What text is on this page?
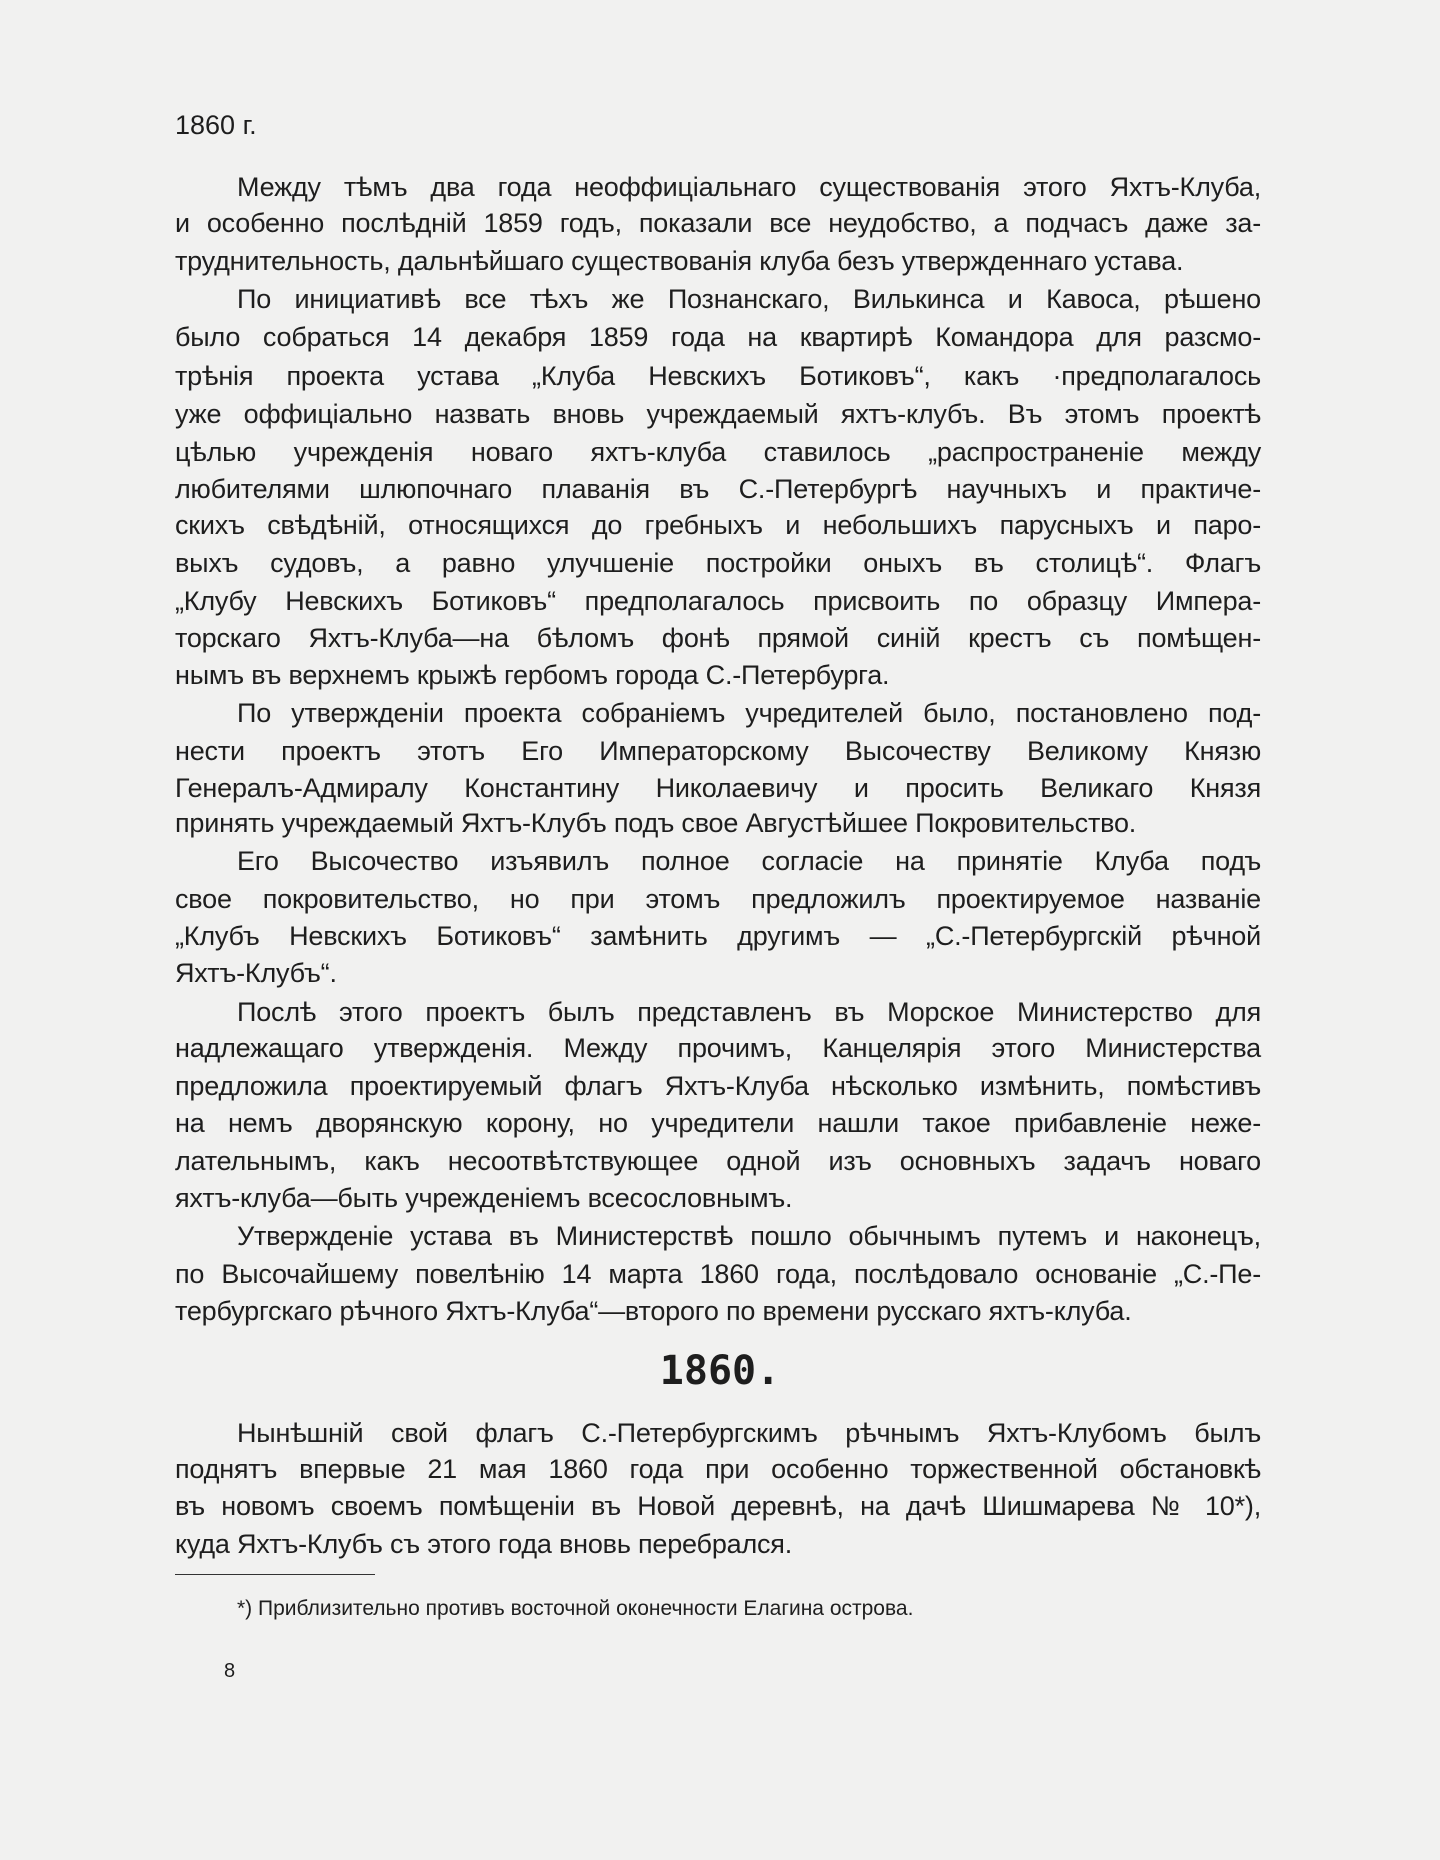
1860 г.
Между тѣмъ два года неоффиціальнаго существованія этого Яхтъ-Клуба,
и особенно послѣдній 1859 годъ, показали все неудобство, а подчасъ даже за-
труднительность, дальнѣйшаго существованія клуба безъ утвержденнаго устава.
По инициативѣ все тѣхъ же Познанскаго, Вилькинса и Кавоса, рѣшено
было собраться 14 декабря 1859 года на квартирѣ Командора для разсмо-
трѣнія проекта устава „Клуба Невскихъ Ботиковъ“, какъ ·предполагалось
уже оффиціально назвать вновь учреждаемый яхтъ-клубъ. Въ этомъ проектѣ
цѣлью учрежденія новаго яхтъ-клуба ставилось „распространеніе между
любителями шлюпочнаго плаванія въ С.-Петербургѣ научныхъ и практиче-
скихъ свѣдѣній, относящихся до гребныхъ и небольшихъ парусныхъ и паро-
выхъ судовъ, а равно улучшеніе постройки оныхъ въ столицѣ“. Флагъ
„Клубу Невскихъ Ботиковъ“ предполагалось присвоить по образцу Импера-
торскаго Яхтъ-Клуба—на бѣломъ фонѣ прямой синій крестъ съ помѣщен-
нымъ въ верхнемъ крыжѣ гербомъ города С.-Петербурга.
По утвержденіи проекта собраніемъ учредителей было, постановлено под-
нести проектъ этотъ Его Императорскому Высочеству Великому Князю
Генералъ-Адмиралу Константину Николаевичу и просить Великаго Князя
принять учреждаемый Яхтъ-Клубъ подъ свое Августѣйшее Покровительство.
Его Высочество изъявилъ полное согласіе на принятіе Клуба подъ
свое покровительство, но при этомъ предложилъ проектируемое названіе
„Клубъ Невскихъ Ботиковъ“ замѣнить другимъ — „С.-Петербургскій рѣчной
Яхтъ-Клубъ“.
Послѣ этого проектъ былъ представленъ въ Морское Министерство для
надлежащаго утвержденія. Между прочимъ, Канцелярія этого Министерства
предложила проектируемый флагъ Яхтъ-Клуба нѣсколько измѣнить, помѣстивъ
на немъ дворянскую корону, но учредители нашли такое прибавленіе неже-
лательнымъ, какъ несоотвѣтствующее одной изъ основныхъ задачъ новаго
яхтъ-клуба—быть учрежденіемъ всесословнымъ.
Утвержденіе устава въ Министерствѣ пошло обычнымъ путемъ и наконецъ,
по Высочайшему повелѣнію 14 марта 1860 года, послѣдовало основаніе „С.-Пе-
тербургскаго рѣчного Яхтъ-Клуба“—второго по времени русскаго яхтъ-клуба.
Нынѣшній свой флагъ С.-Петербургскимъ рѣчнымъ Яхтъ-Клубомъ былъ
поднятъ впервые 21 мая 1860 года при особенно торжественной обстановкѣ
въ новомъ своемъ помѣщеніи въ Новой деревнѣ, на дачѣ Шишмарева № 10*),
куда Яхтъ-Клубъ съ этого года вновь перебрался.
1860.
*) Приблизительно противъ восточной оконечности Елагина острова.
8
